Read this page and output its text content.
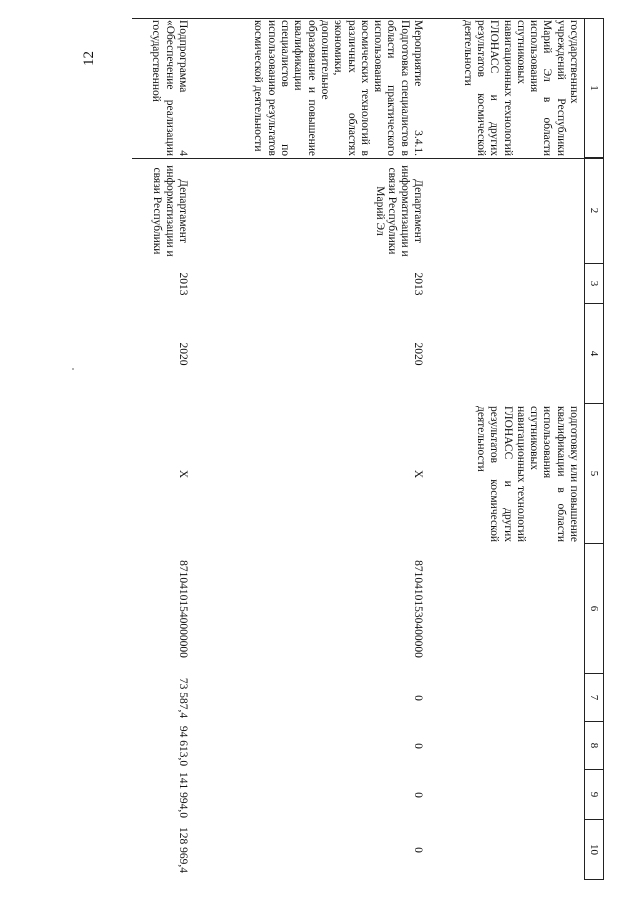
12
1
2
3
4
5
6
7
8
9
10
государственных учреждений Республики Марий Эл в области использования спутниковых навигационных технологий ГЛОНАСС и других результатов космической деятельности
подготовку или повышение квалификации в области использования спутниковых навигационных технологий ГЛОНАСС и других результатов космической деятельности
Мероприятие 3.4.1. Подготовка специалистов в области практического использования космических технологий в различных областях экономики, дополнительное образование и повышение квалификации специалистов по использованию результатов космической деятельности
Департамент информатизации и связи Республики Марий Эл
2013
2020
X
87104101530400000
0
0
0
0
Подпрограмма 4 «Обеспечение реализации государственной
Департамент информатизации и связи Республики
2013
2020
X
87104101540000000
73 587,4
94 613,0
141 994,0
128 969,4
